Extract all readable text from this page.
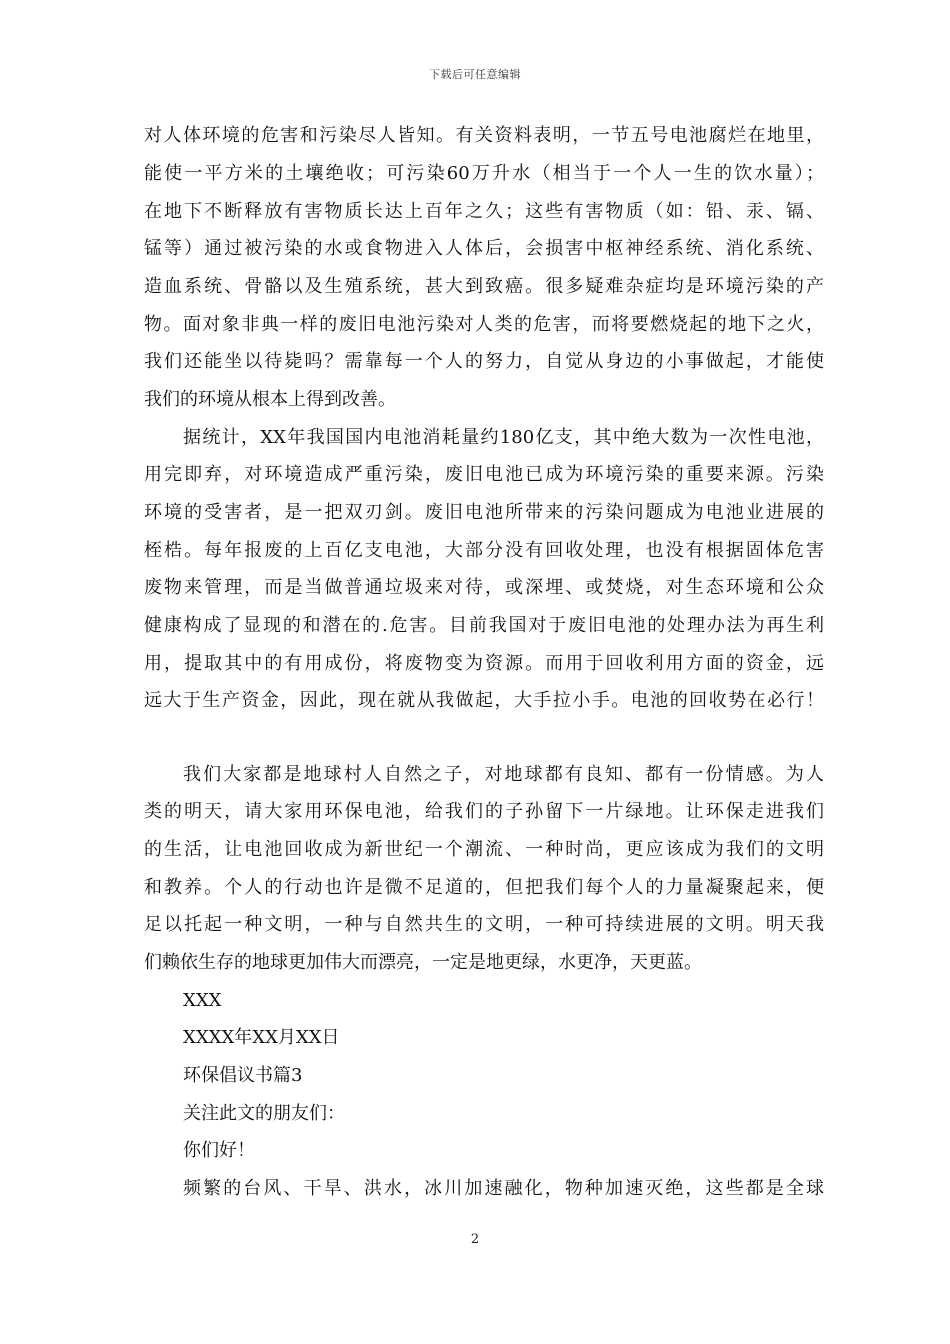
下载后可任意编辑
对人体环境的危害和污染尽人皆知。有关资料表明，一节五号电池腐烂在地里，
能使一平方米的土壤绝收；可污染60万升水（相当于一个人一生的饮水量）；
在地下不断释放有害物质长达上百年之久；这些有害物质（如：铅、汞、镉、
锰等）通过被污染的水或食物进入人体后，会损害中枢神经系统、消化系统、
造血系统、骨骼以及生殖系统，甚大到致癌。很多疑难杂症均是环境污染的产
物。面对象非典一样的废旧电池污染对人类的危害，而将要燃烧起的地下之火，
我们还能坐以待毙吗？需靠每一个人的努力，自觉从身边的小事做起，才能使
我们的环境从根本上得到改善。
据统计，XX年我国国内电池消耗量约180亿支，其中绝大数为一次性电池，
用完即弃，对环境造成严重污染，废旧电池已成为环境污染的重要来源。污染
环境的受害者，是一把双刃剑。废旧电池所带来的污染问题成为电池业进展的
桎梏。每年报废的上百亿支电池，大部分没有回收处理，也没有根据固体危害
废物来管理，而是当做普通垃圾来对待，或深埋、或焚烧，对生态环境和公众
健康构成了显现的和潜在的.危害。目前我国对于废旧电池的处理办法为再生利
用，提取其中的有用成份，将废物变为资源。而用于回收利用方面的资金，远
远大于生产资金，因此，现在就从我做起，大手拉小手。电池的回收势在必行！
我们大家都是地球村人自然之子，对地球都有良知、都有一份情感。为人
类的明天，请大家用环保电池，给我们的子孙留下一片绿地。让环保走进我们
的生活，让电池回收成为新世纪一个潮流、一种时尚，更应该成为我们的文明
和教养。个人的行动也许是微不足道的，但把我们每个人的力量凝聚起来，便
足以托起一种文明，一种与自然共生的文明，一种可持续进展的文明。明天我
们赖依生存的地球更加伟大而漂亮，一定是地更绿，水更净，天更蓝。
XXX
XXXX年XX月XX日
环保倡议书篇3
关注此文的朋友们：
你们好！
频繁的台风、干旱、洪水，冰川加速融化，物种加速灭绝，这些都是全球
2
